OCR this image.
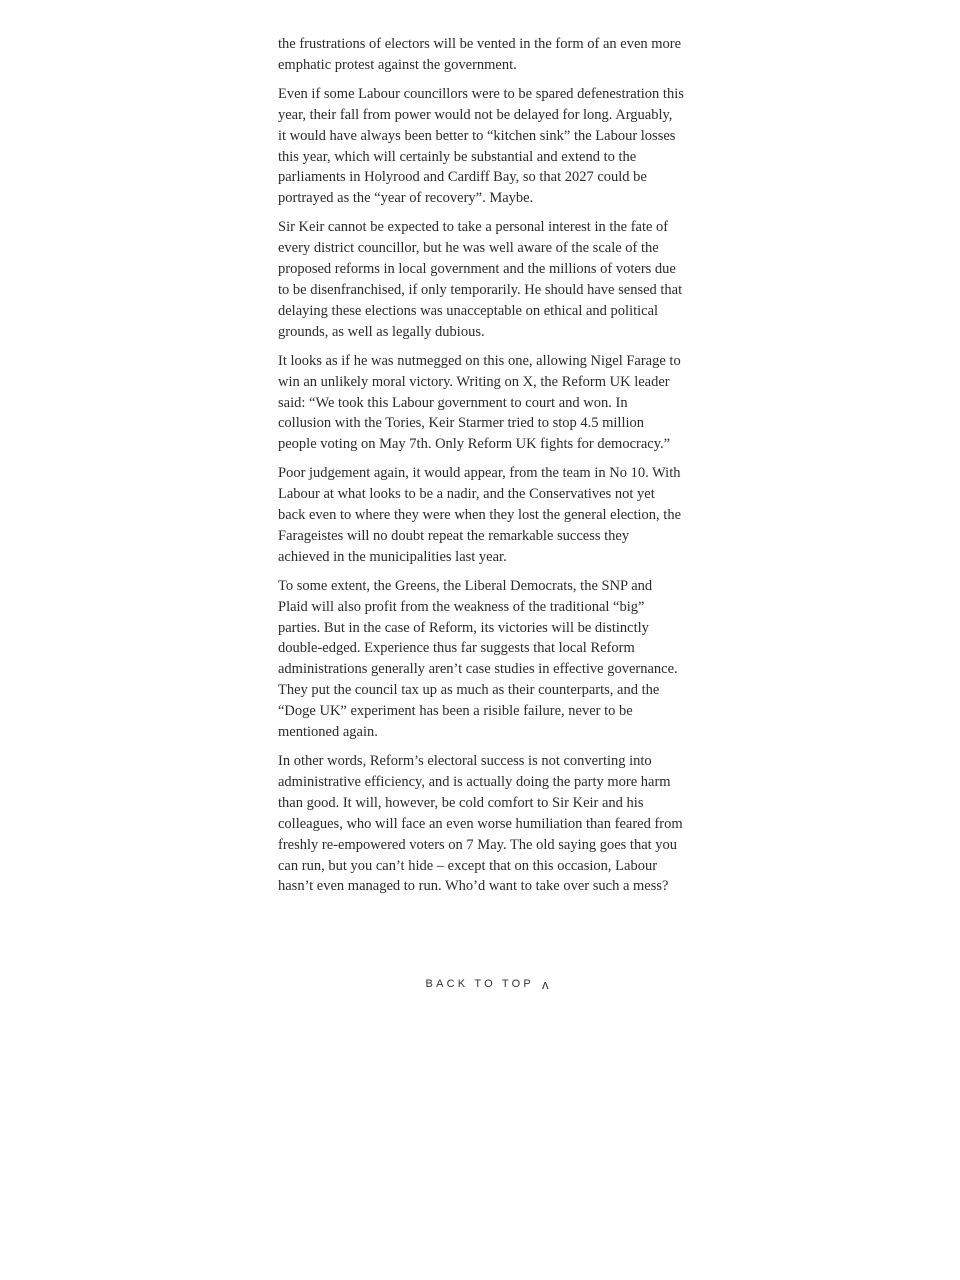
the frustrations of electors will be vented in the form of an even more emphatic protest against the government.

Even if some Labour councillors were to be spared defenestration this year, their fall from power would not be delayed for long. Arguably, it would have always been better to “kitchen sink” the Labour losses this year, which will certainly be substantial and extend to the parliaments in Holyrood and Cardiff Bay, so that 2027 could be portrayed as the “year of recovery”. Maybe.

Sir Keir cannot be expected to take a personal interest in the fate of every district councillor, but he was well aware of the scale of the proposed reforms in local government and the millions of voters due to be disenfranchised, if only temporarily. He should have sensed that delaying these elections was unacceptable on ethical and political grounds, as well as legally dubious.

It looks as if he was nutmegged on this one, allowing Nigel Farage to win an unlikely moral victory. Writing on X, the Reform UK leader said: “We took this Labour government to court and won. In collusion with the Tories, Keir Starmer tried to stop 4.5 million people voting on May 7th. Only Reform UK fights for democracy.”

Poor judgement again, it would appear, from the team in No 10. With Labour at what looks to be a nadir, and the Conservatives not yet back even to where they were when they lost the general election, the Farageistes will no doubt repeat the remarkable success they achieved in the municipalities last year.

To some extent, the Greens, the Liberal Democrats, the SNP and Plaid will also profit from the weakness of the traditional “big” parties. But in the case of Reform, its victories will be distinctly double-edged. Experience thus far suggests that local Reform administrations generally aren’t case studies in effective governance. They put the council tax up as much as their counterparts, and the “Doge UK” experiment has been a risible failure, never to be mentioned again.

In other words, Reform’s electoral success is not converting into administrative efficiency, and is actually doing the party more harm than good. It will, however, be cold comfort to Sir Keir and his colleagues, who will face an even worse humiliation than feared from freshly re-empowered voters on 7 May. The old saying goes that you can run, but you can’t hide – except that on this occasion, Labour hasn’t even managed to run. Who’d want to take over such a mess?

BACK TO TOP ʌ
